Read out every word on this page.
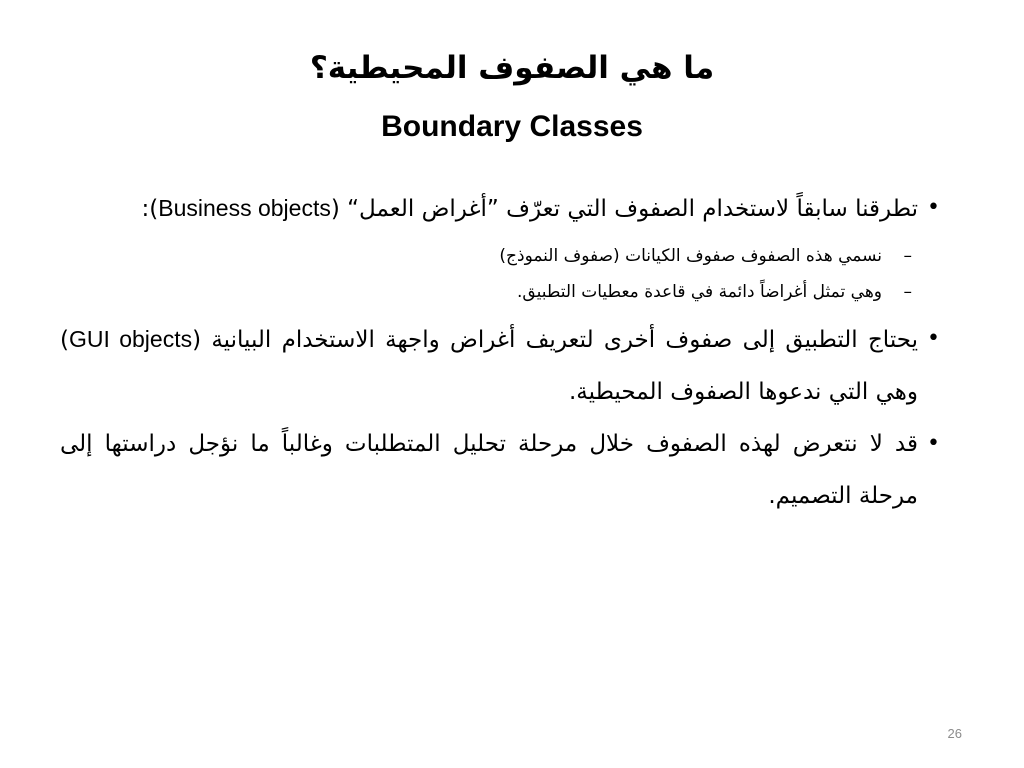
ما هي الصفوف المحيطية؟
Boundary Classes
•
تطرقنا سابقاً لاستخدام الصفوف التي تعرّف ”أغراض العمل“ (Business objects):
–
نسمي هذه الصفوف صفوف الكيانات (صفوف النموذج)
–
وهي تمثل أغراضاً دائمة في قاعدة معطيات التطبيق.
•
يحتاج التطبيق إلى صفوف أخرى لتعريف أغراض واجهة الاستخدام البيانية (GUI objects) وهي التي ندعوها الصفوف المحيطية.
•
قد لا نتعرض لهذه الصفوف خلال مرحلة تحليل المتطلبات وغالباً ما نؤجل دراستها إلى مرحلة التصميم.
26
